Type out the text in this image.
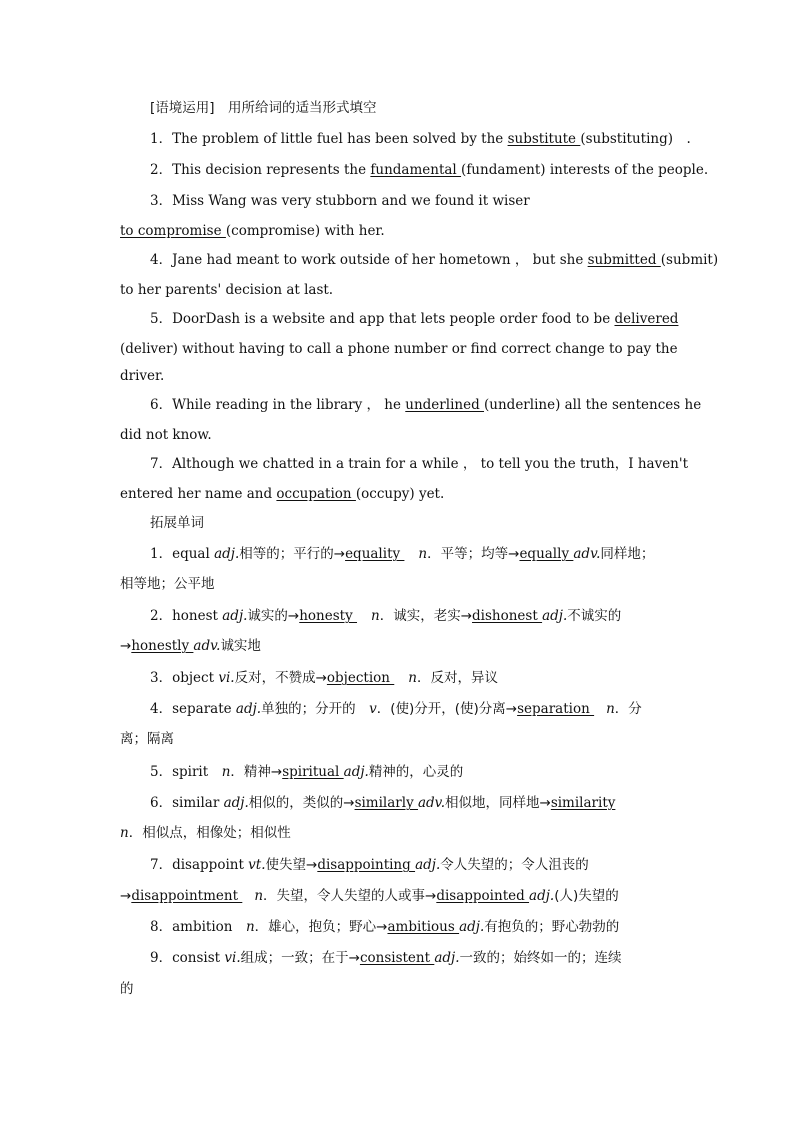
[语境运用]　用所给词的适当形式填空
1．The problem of little fuel has been solved by the substitute (substituting)　.
2．This decision represents the fundamental (fundament) interests of the people.
3．Miss Wang was very stubborn and we found it wiser
to compromise (compromise) with her.
4．Jane had meant to work outside of her hometown ， but she submitted (submit)
to her parents' decision at last.
5．DoorDash is a website and app that lets people order food to be delivered
(deliver) without having to call a phone number or find correct change to pay the
driver.
6．While reading in the library ， he underlined (underline) all the sentences he
did not know.
7．Although we chatted in a train for a while ， to tell you the truth，I haven't
entered her name and occupation (occupy) yet.
拓展单词
1．equal adj.相等的；平行的→equality n．平等；均等→equally adv.同样地；
相等地；公平地
2．honest adj.诚实的→honesty n．诚实，老实→dishonest adj.不诚实的
→honestly adv.诚实地
3．object vi.反对，不赞成→objection n．反对，异议
4．separate adj.单独的；分开的　v．(使)分开，(使)分离→separation n．分
离；隔离
5．spirit　n．精神→spiritual adj.精神的，心灵的
6．similar adj.相似的，类似的→similarly adv.相似地，同样地→similarity
n．相似点，相像处；相似性
7．disappoint vt.使失望→disappointing adj.令人失望的；令人沮丧的
→disappointment n．失望，令人失望的人或事→disappointed adj.(人)失望的
8．ambition　n．雄心，抱负；野心→ambitious adj.有抱负的；野心勃勃的
9．consist vi.组成；一致；在于→consistent adj.一致的；始终如一的；连续
的
